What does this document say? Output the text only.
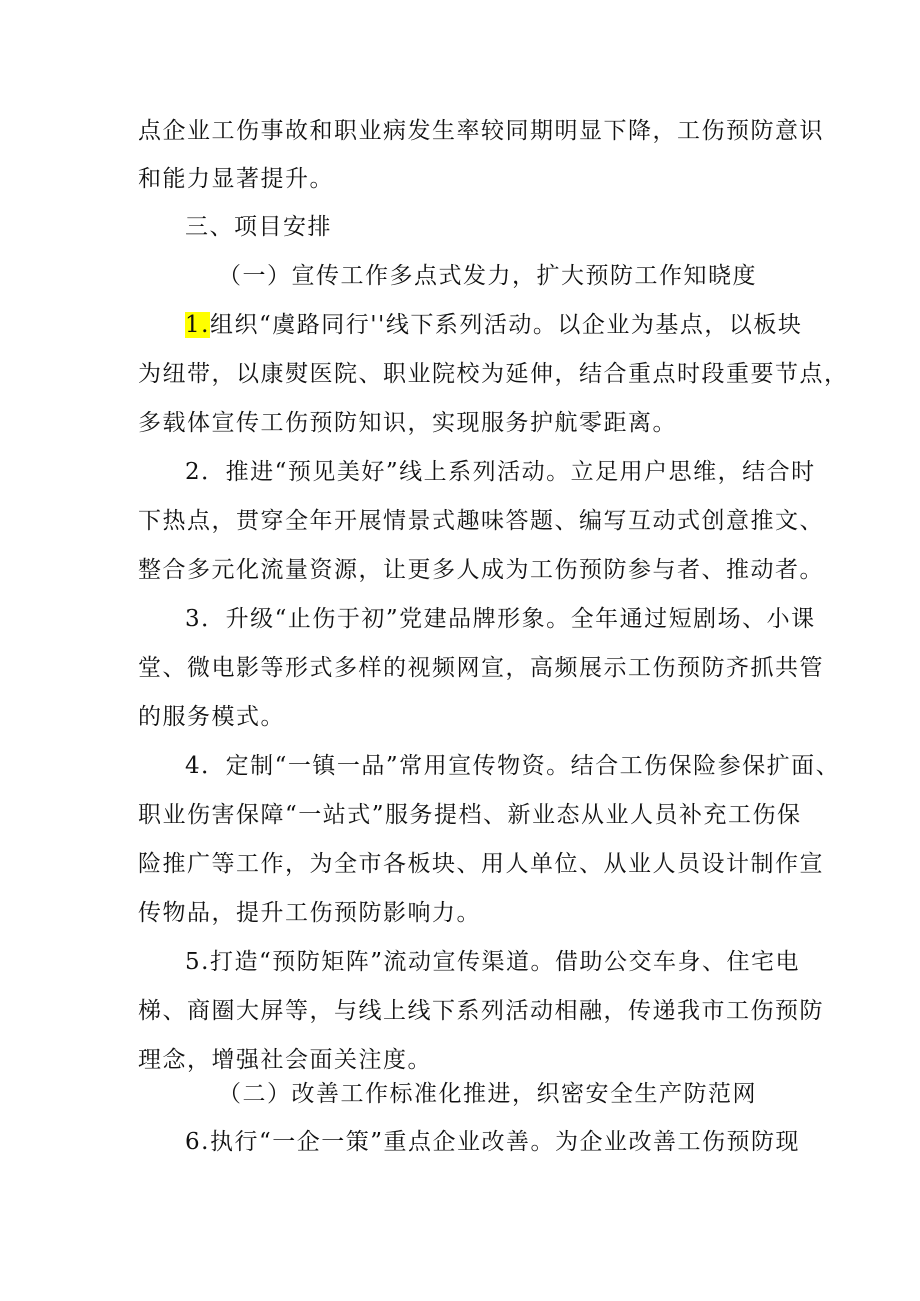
点企业工伤事故和职业病发生率较同期明显下降，工伤预防意识
和能力显著提升。
三、项目安排
（一）宣传工作多点式发力，扩大预防工作知晓度
1.组织“虞路同行''线下系列活动。以企业为基点，以板块
为纽带，以康熨医院、职业院校为延伸，结合重点时段重要节点，
多载体宣传工伤预防知识，实现服务护航零距离。
2．推进“预见美好”线上系列活动。立足用户思维，结合时
下热点，贯穿全年开展情景式趣味答题、编写互动式创意推文、
整合多元化流量资源，让更多人成为工伤预防参与者、推动者。
3．升级“止伤于初”党建品牌形象。全年通过短剧场、小课
堂、微电影等形式多样的视频网宣，高频展示工伤预防齐抓共管
的服务模式。
4．定制“一镇一品”常用宣传物资。结合工伤保险参保扩面、
职业伤害保障“一站式”服务提档、新业态从业人员补充工伤保
险推广等工作，为全市各板块、用人单位、从业人员设计制作宣
传物品，提升工伤预防影响力。
5.打造“预防矩阵”流动宣传渠道。借助公交车身、住宅电
梯、商圈大屏等，与线上线下系列活动相融，传递我市工伤预防
理念，增强社会面关注度。
（二）改善工作标准化推进，织密安全生产防范网
6.执行“一企一策”重点企业改善。为企业改善工伤预防现
